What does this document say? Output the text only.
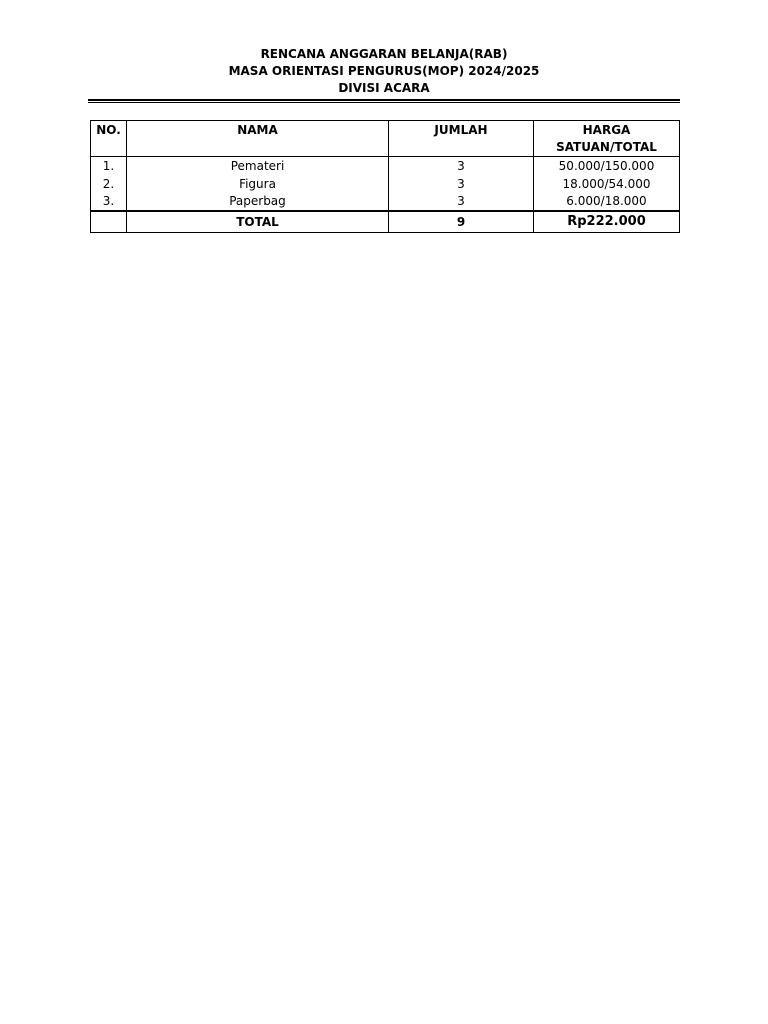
RENCANA ANGGARAN BELANJA(RAB)
MASA ORIENTASI PENGURUS(MOP) 2024/2025
DIVISI ACARA
NO.	NAMA	JUMLAH	HARGA
SATUAN/TOTAL

1.	Pemateri	3	50.000/150.000
2.	Figura	3	18.000/54.000
3.	Paperbag	3	6.000/18.000
	TOTAL	9	Rp222.000
